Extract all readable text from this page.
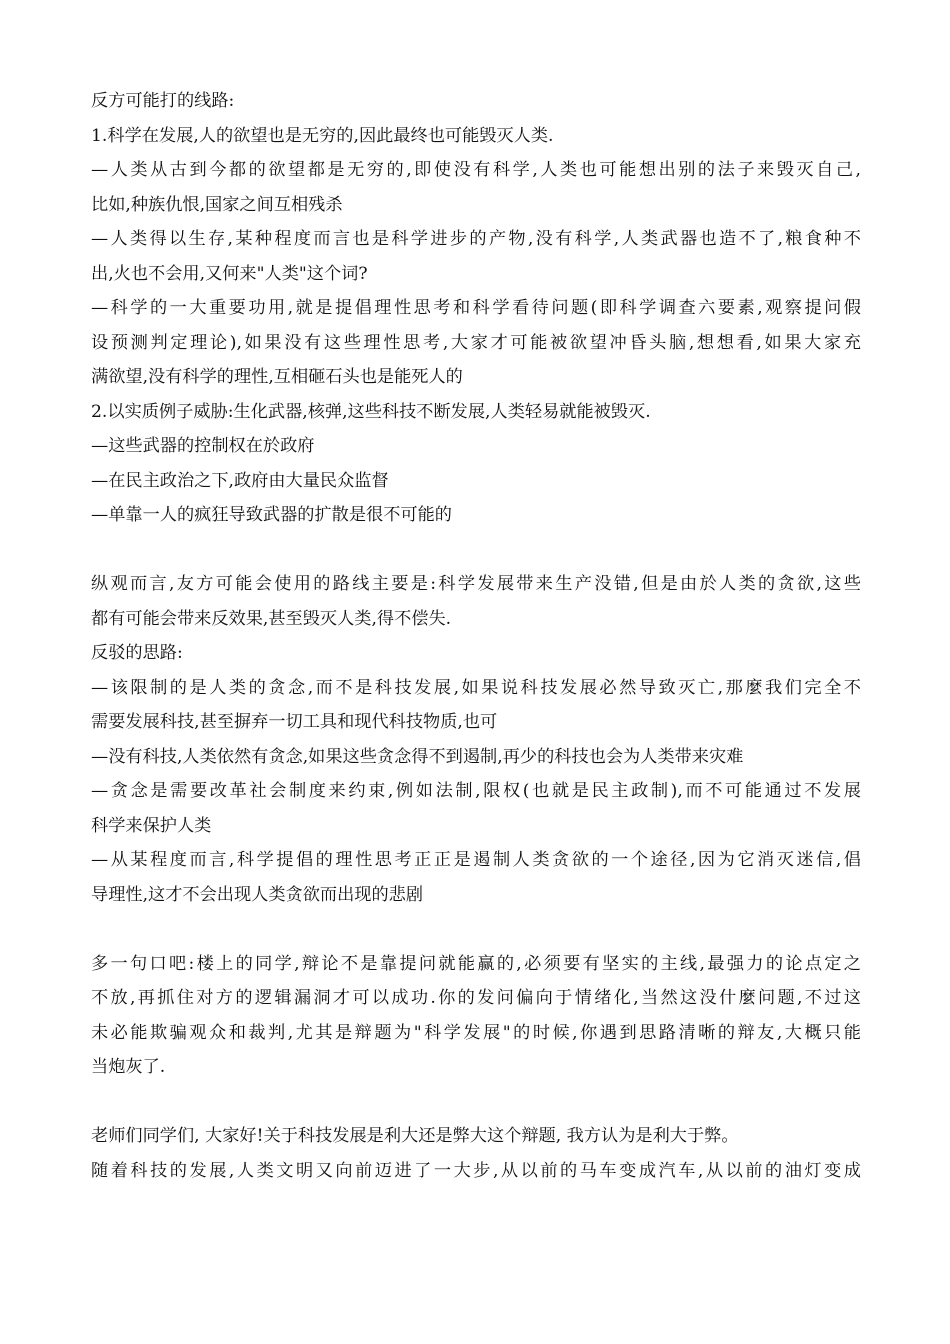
反方可能打的线路:
1.科学在发展,人的欲望也是无穷的,因此最终也可能毁灭人类.
—人类从古到今都的欲望都是无穷的,即使没有科学,人类也可能想出别的法子来毁灭自己,
比如,种族仇恨,国家之间互相残杀
—人类得以生存,某种程度而言也是科学进步的产物,没有科学,人类武器也造不了,粮食种不
出,火也不会用,又何来"人类"这个词?
—科学的一大重要功用,就是提倡理性思考和科学看待问题(即科学调查六要素,观察提问假
设预测判定理论),如果没有这些理性思考,大家才可能被欲望冲昏头脑,想想看,如果大家充
满欲望,没有科学的理性,互相砸石头也是能死人的
2.以实质例子威胁:生化武器,核弹,这些科技不断发展,人类轻易就能被毁灭.
—这些武器的控制权在於政府
—在民主政治之下,政府由大量民众监督
—单靠一人的疯狂导致武器的扩散是很不可能的
纵观而言,友方可能会使用的路线主要是:科学发展带来生产没错,但是由於人类的贪欲,这些
都有可能会带来反效果,甚至毁灭人类,得不偿失.
反驳的思路:
—该限制的是人类的贪念,而不是科技发展,如果说科技发展必然导致灭亡,那麼我们完全不
需要发展科技,甚至摒弃一切工具和现代科技物质,也可
—没有科技,人类依然有贪念,如果这些贪念得不到遏制,再少的科技也会为人类带来灾难
—贪念是需要改革社会制度来约束,例如法制,限权(也就是民主政制),而不可能通过不发展
科学来保护人类
—从某程度而言,科学提倡的理性思考正正是遏制人类贪欲的一个途径,因为它消灭迷信,倡
导理性,这才不会出现人类贪欲而出现的悲剧
多一句口吧:楼上的同学,辩论不是靠提问就能赢的,必须要有坚实的主线,最强力的论点定之
不放,再抓住对方的逻辑漏洞才可以成功.你的发问偏向于情绪化,当然这没什麼问题,不过这
未必能欺骗观众和裁判,尤其是辩题为"科学发展"的时候,你遇到思路清晰的辩友,大概只能
当炮灰了.
老师们同学们, 大家好!关于科技发展是利大还是弊大这个辩题, 我方认为是利大于弊。
随着科技的发展,人类文明又向前迈进了一大步,从以前的马车变成汽车,从以前的油灯变成
